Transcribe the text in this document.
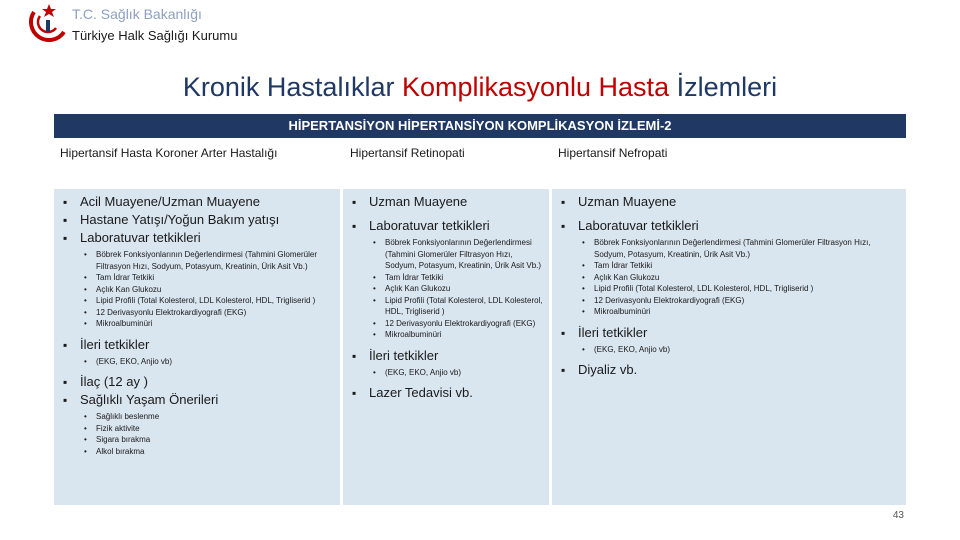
T.C. Sağlık Bakanlığı
Türkiye Halk Sağlığı Kurumu
Kronik Hastalıklar Komplikasyonlu Hasta İzlemleri
HİPERTANSİYON HİPERTANSİYON KOMPLİKASYON İZLEMİ-2
Hipertansif Hasta Koroner Arter Hastalığı	Hipertansif Retinopati	Hipertansif Nefropati
▪ Acil Muayene/Uzman Muayene
▪ Hastane Yatışı/Yoğun Bakım yatışı
▪ Laboratuvar tetkikleri
• Böbrek Fonksiyonlarının Değerlendirmesi (Tahmini Glomerüler Filtrasyon Hızı, Sodyum, Potasyum, Kreatinin, Ürik Asit Vb.)
• Tam İdrar Tetkiki
• Açlık Kan Glukozu
• Lipid Profili (Total Kolesterol, LDL Kolesterol, HDL, Trigliserid )
• 12 Derivasyonlu Elektrokardiyografi (EKG)
• Mikroalbuminüri
▪ İleri tetkikler
• (EKG, EKO, Anjio vb)
▪ İlaç (12 ay )
▪ Sağlıklı Yaşam Önerileri
• Sağlıklı beslenme
• Fizik aktivite
• Sigara bırakma
• Alkol bırakma
▪ Uzman Muayene
▪ Laboratuvar tetkikleri
• Böbrek Fonksiyonlarının Değerlendirmesi (Tahmini Glomerüler Filtrasyon Hızı, Sodyum, Potasyum, Kreatinin, Ürik Asit Vb.)
• Tam İdrar Tetkiki
• Açlık Kan Glukozu
• Lipid Profili (Total Kolesterol, LDL Kolesterol, HDL, Trigliserid )
• 12 Derivasyonlu Elektrokardiyografi (EKG)
• Mikroalbuminüri
▪ İleri tetkikler
• (EKG, EKO, Anjio vb)
▪ Lazer Tedavisi vb.
▪ Uzman Muayene
▪ Laboratuvar tetkikleri
• Böbrek Fonksiyonlarının Değerlendirmesi (Tahmini Glomerüler Filtrasyon Hızı, Sodyum, Potasyum, Kreatinin, Ürik Asit Vb.)
• Tam İdrar Tetkiki
• Açlık Kan Glukozu
• Lipid Profili (Total Kolesterol, LDL Kolesterol, HDL, Trigliserid )
• 12 Derivasyonlu Elektrokardiyografi (EKG)
• Mikroalbuminüri
▪ İleri tetkikler
• (EKG, EKO, Anjio vb)
▪ Diyaliz vb.
43
